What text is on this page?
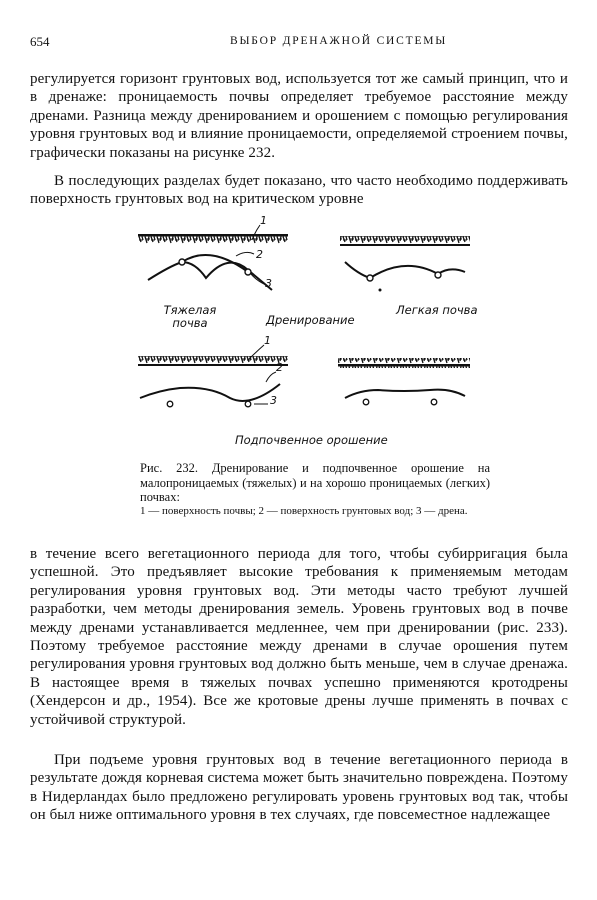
654	ВЫБОР ДРЕНАЖНОЙ СИСТЕМЫ

регулируется горизонт грунтовых вод, используется тот же самый принцип, что и в дренаже: проницаемость почвы определяет требуемое расстояние между дренами. Разница между дренированием и орошением с помощью регулирования уровня грунтовых вод и влияние проницаемости, определяемой строением почвы, графически показаны на рисунке 232.

В последующих разделах будет показано, что часто необходимо поддерживать поверхность грунтовых вод на критическом уровне

1
2
3
1
2
3
Тяжелая почва	Дренирование
Легкая почва
Подпочвенное орошение

Рис. 232. Дренирование и подпочвенное орошение на малопроницаемых (тяжелых) и на хорошо проницаемых (легких) почвах:

1 — поверхность почвы; 2 — поверхность грунтовых вод; 3 — дрена.

в течение всего вегетационного периода для того, чтобы субирригация была успешной. Это предъявляет высокие требования к применяемым методам регулирования уровня грунтовых вод. Эти методы часто требуют лучшей разработки, чем методы дренирования земель. Уровень грунтовых вод в почве между дренами устанавливается медленнее, чем при дренировании (рис. 233). Поэтому требуемое расстояние между дренами в случае орошения путем регулирования уровня грунтовых вод должно быть меньше, чем в случае дренажа. В настоящее время в тяжелых почвах успешно применяются кротодрены (Хендерсон и др., 1954). Все же кротовые дрены лучше применять в почвах с устойчивой структурой.

При подъеме уровня грунтовых вод в течение вегетационного периода в результате дождя корневая система может быть значительно повреждена. Поэтому в Нидерландах было предложено регулировать уровень грунтовых вод так, чтобы он был ниже оптимального уровня в тех случаях, где повсеместное надлежащее
